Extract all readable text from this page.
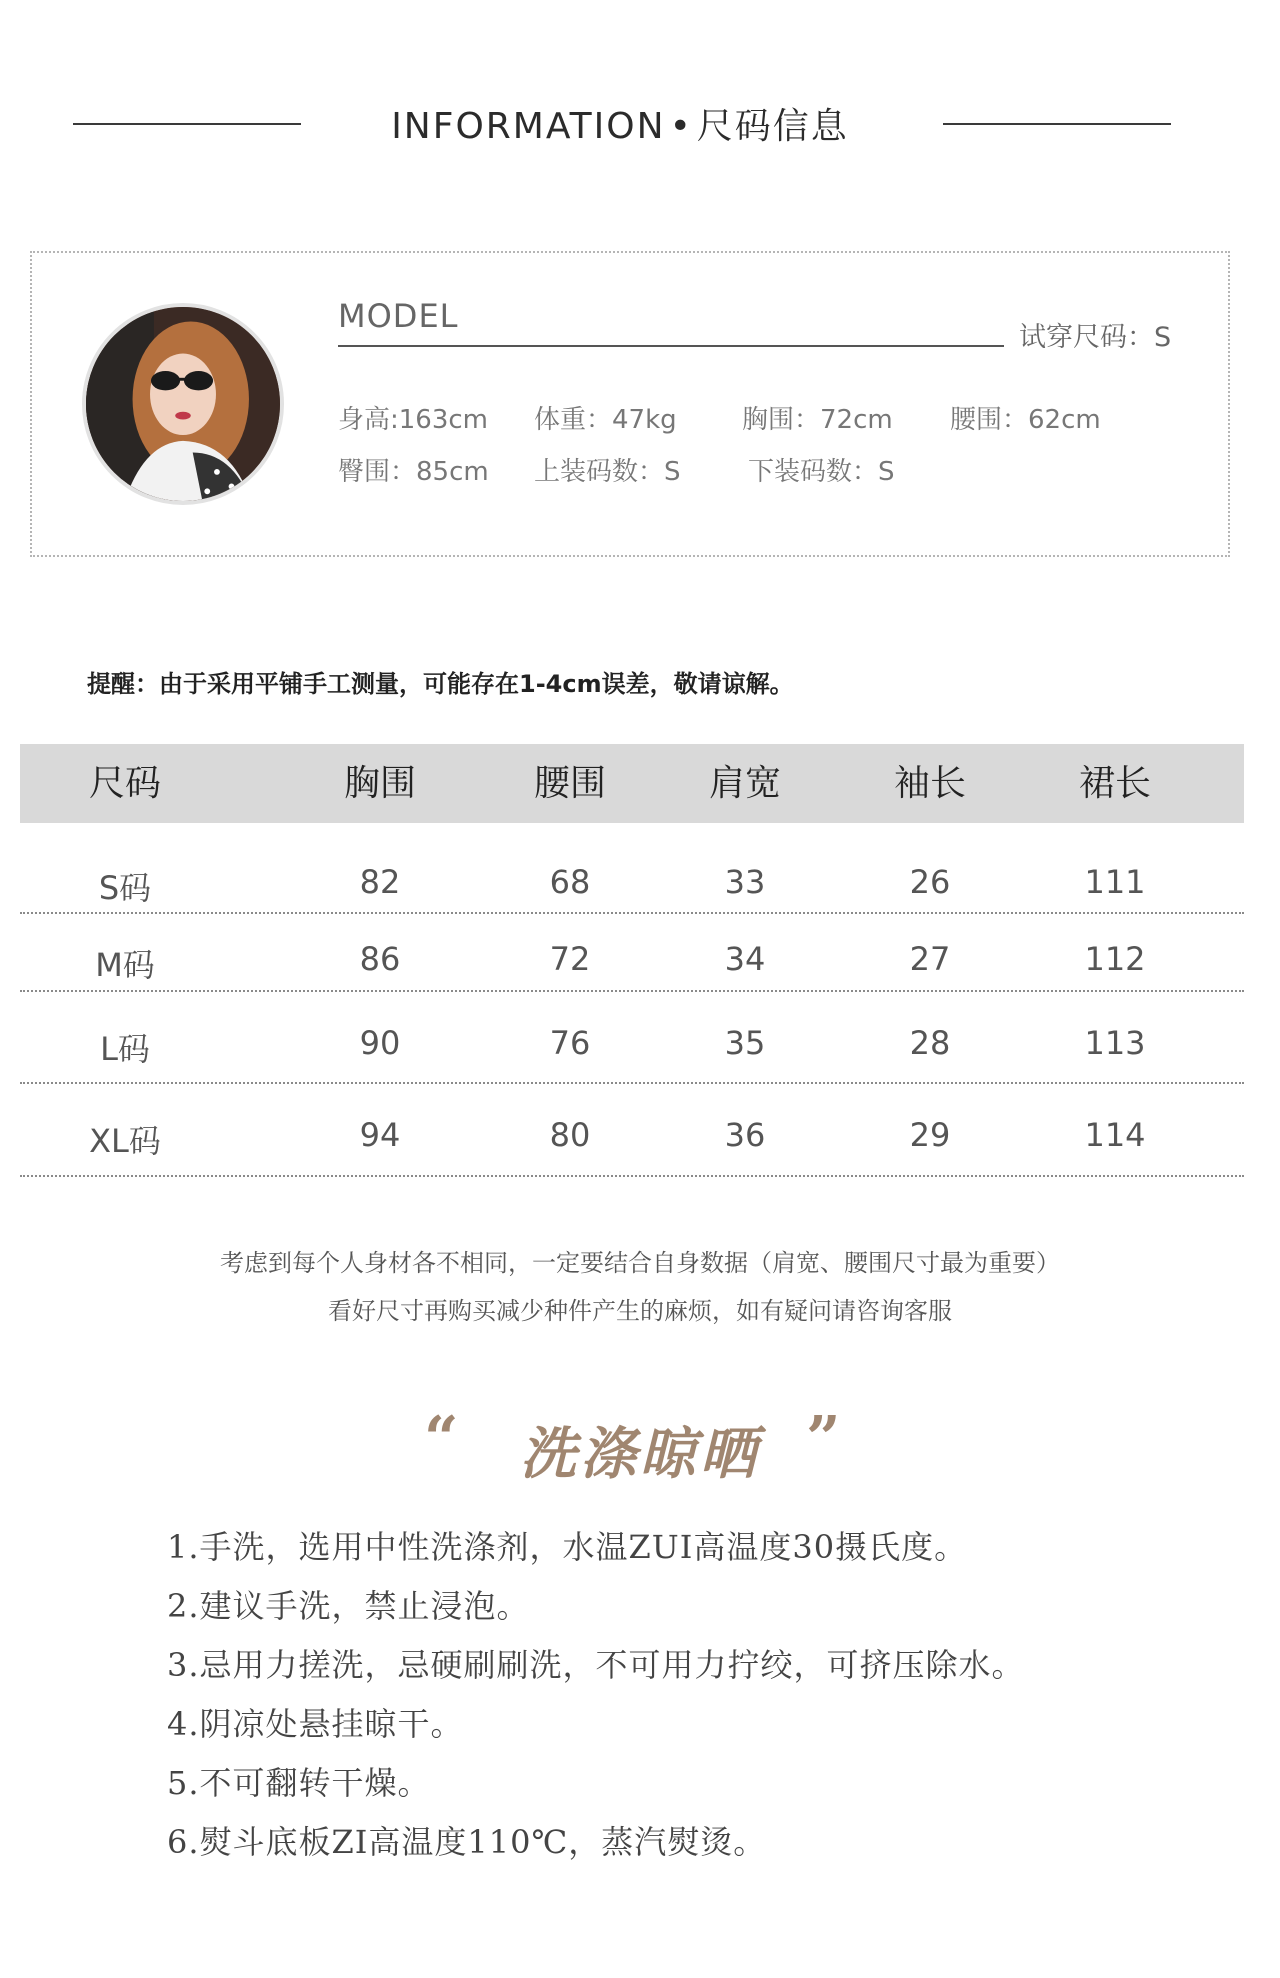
INFORMATION • 尺码信息
MODEL
试穿尺码：S
身高:163cm 体重：47kg	胸围：72cm 腰围：62cm
臀围：85cm 上装码数：S	下装码数：S
提醒：由于采用平铺手工测量，可能存在1-4cm误差，敬请谅解。
尺码	胸围	腰围	肩宽	袖长	裙长
S码	82	68	33	26	111
M码	86	72	34	27	112
L码	90	76	35	28	113
XL码	94	80	36	29	114
考虑到每个人身材各不相同，一定要结合自身数据（肩宽、腰围尺寸最为重要）
看好尺寸再购买减少种件产生的麻烦，如有疑问请咨询客服
“	洗涤晾晒 ”
1.手洗，选用中性洗涤剂，水温ZUI高温度30摄氏度。
2.建议手洗，禁止浸泡。
3.忌用力搓洗，忌硬刷刷洗，不可用力拧绞，可挤压除水。
4.阴凉处悬挂晾干。
5.不可翻转干燥。
6.熨斗底板ZI高温度110℃，蒸汽熨烫。
